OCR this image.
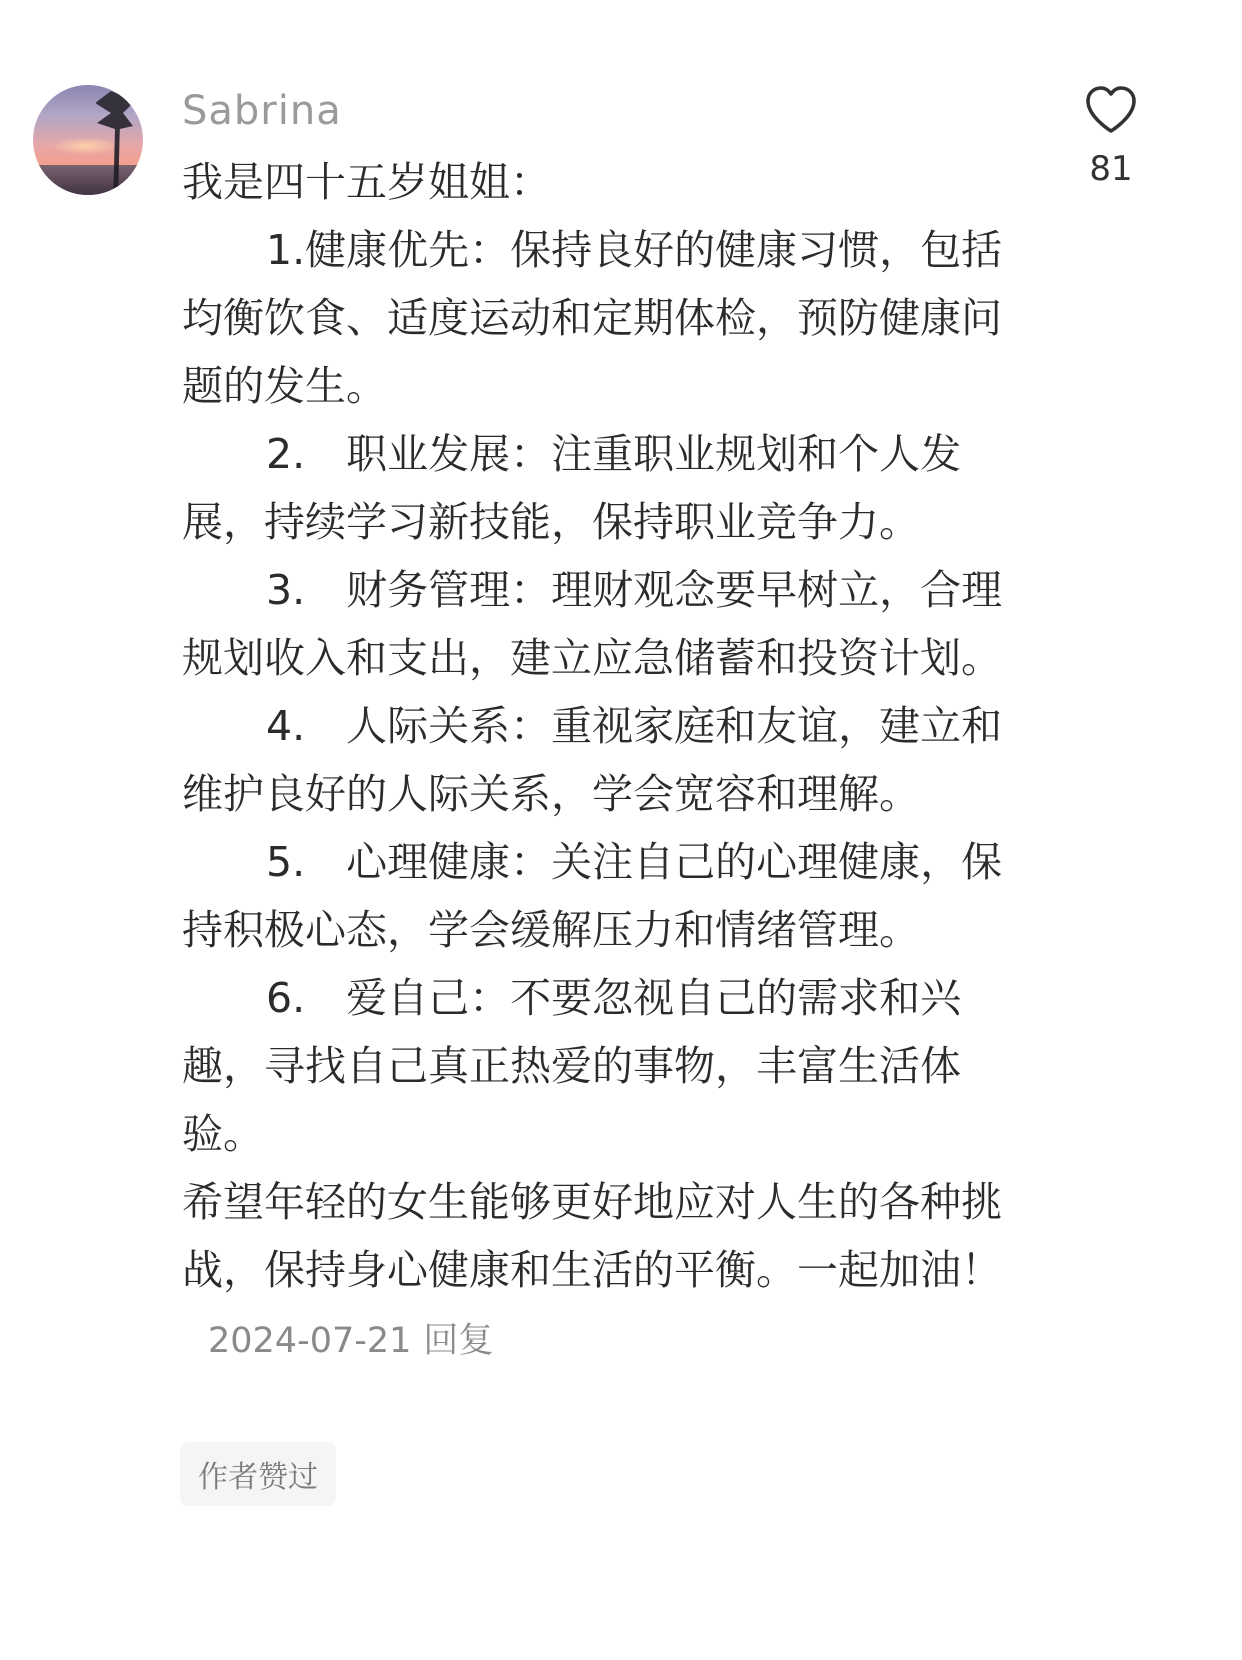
Sabrina
81

我是四十五岁姐姐：

1.健康优先：保持良好的健康习惯，包括均衡饮食、适度运动和定期体检，预防健康问题的发生。

2.　职业发展：注重职业规划和个人发展，持续学习新技能，保持职业竞争力。

3.　财务管理：理财观念要早树立，合理规划收入和支出，建立应急储蓄和投资计划。

4.　人际关系：重视家庭和友谊，建立和维护良好的人际关系，学会宽容和理解。

5.　心理健康：关注自己的心理健康，保持积极心态，学会缓解压力和情绪管理。

6.　爱自己：不要忽视自己的需求和兴趣，寻找自己真正热爱的事物，丰富生活体验。

希望年轻的女生能够更好地应对人生的各种挑战，保持身心健康和生活的平衡。一起加油！2024-07-21 回复

作者赞过
